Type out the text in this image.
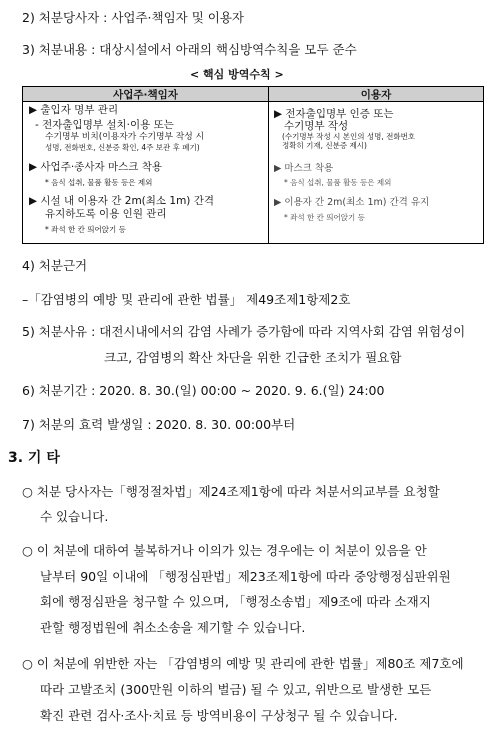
2) 처분당사자 : 사업주·책임자 및 이용자
3) 처분내용 : 대상시설에서 아래의 핵심방역수칙을 모두 준수
< 핵심 방역수칙 >
사업주·책임자	이용자
▶ 출입자 명부 관리
- 전자출입명부 설치·이용 또는
수기명부 비치(이용자가 수기명부 작성 시
성명, 전화번호, 신분증 확인, 4주 보관 후 폐기)
▶ 사업주·종사자 마스크 착용
* 음식 섭취, 물품 활동 등은 제외
▶ 시설 내 이용자 간 2m(최소 1m) 간격
유지하도록 이용 인원 관리
* 좌석 한 칸 띄어앉기 등
▶ 전자출입명부 인증 또는
수기명부 작성
(수기명부 작성 시 본인의 성명, 전화번호
정확히 기재, 신분증 제시)
▶ 마스크 착용
* 음식 섭취, 물품 활동 등은 제외
▶ 이용자 간 2m(최소 1m) 간격 유지
* 좌석 한 칸 띄어앉기 등
4) 처분근거
–「감염병의 예방 및 관리에 관한 법률」 제49조제1항제2호
5) 처분사유 : 대전시내에서의 감염 사례가 증가함에 따라 지역사회 감염 위험성이
크고, 감염병의 확산 차단을 위한 긴급한 조치가 필요함
6) 처분기간 : 2020. 8. 30.(일) 00:00 ~ 2020. 9. 6.(일) 24:00
7) 처분의 효력 발생일 : 2020. 8. 30. 00:00부터
3. 기 타
○ 처분 당사자는「행정절차법」제24조제1항에 따라 처분서의교부를 요청할
수 있습니다.
○ 이 처분에 대하여 불복하거나 이의가 있는 경우에는 이 처분이 있음을 안
날부터 90일 이내에 「행정심판법」제23조제1항에 따라 중앙행정심판위원
회에 행정심판을 청구할 수 있으며, 「행정소송법」제9조에 따라 소재지
관할 행정법원에 취소소송을 제기할 수 있습니다.
○ 이 처분에 위반한 자는 「감염병의 예방 및 관리에 관한 법률」제80조 제7호에
따라 고발조치 (300만원 이하의 벌금) 될 수 있고, 위반으로 발생한 모든
확진 관련 검사·조사·치료 등 방역비용이 구상청구 될 수 있습니다.
